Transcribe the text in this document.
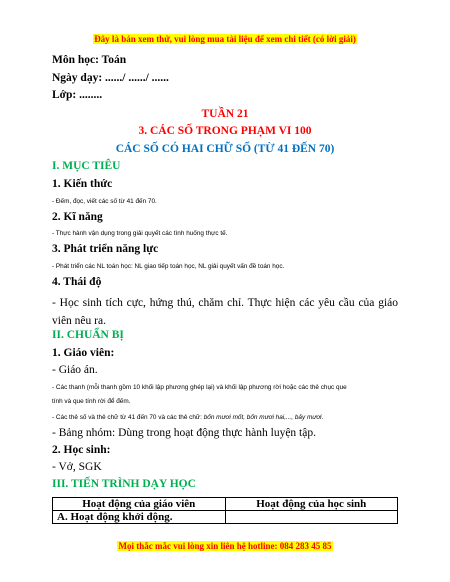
Đây là bản xem thử, vui lòng mua tài liệu để xem chi tiết (có lời giải)
Môn học: Toán
Ngày dạy: ....../ ....../ ......
Lớp: ........
TUẦN 21
3. CÁC SỐ TRONG PHẠM VI 100
CÁC SỐ CÓ HAI CHỮ SỐ (TỪ 41 ĐẾN 70)
I. MỤC TIÊU
1. Kiến thức
- Đếm, đọc, viết các số từ 41 đến 70.
2. Kĩ năng
- Thực hành vận dụng trong giải quyết các tình huống thực tế.
3. Phát triển năng lực
- Phát triển các NL toán học: NL giao tiếp toán học, NL giải quyết vấn đề toán học.
4. Thái độ
- Học sinh tích cực, hứng thú, chăm chỉ. Thực hiện các yêu cầu của giáo viên nêu ra.
II. CHUẨN BỊ
1. Giáo viên:
- Giáo án.
- Các thanh (mỗi thanh gồm 10 khối lập phương ghép lại) và khối lập phương rời hoặc các thẻ chục que
tính và que tính rời để đếm.
- Các thẻ số và thẻ chữ từ 41 đến 70 và các thẻ chữ: bốn mươi mốt, bốn mươi hai,..., bảy mươi.
- Bảng nhóm: Dùng trong hoạt động thực hành luyện tập.
2. Học sinh:
- Vở, SGK
III. TIẾN TRÌNH DẠY HỌC
Hoạt động của giáo viên	Hoạt động của học sinh
A. Hoạt động khởi động.	
Mọi thắc mắc vui lòng xin liên hệ hotline: 084 283 45 85
